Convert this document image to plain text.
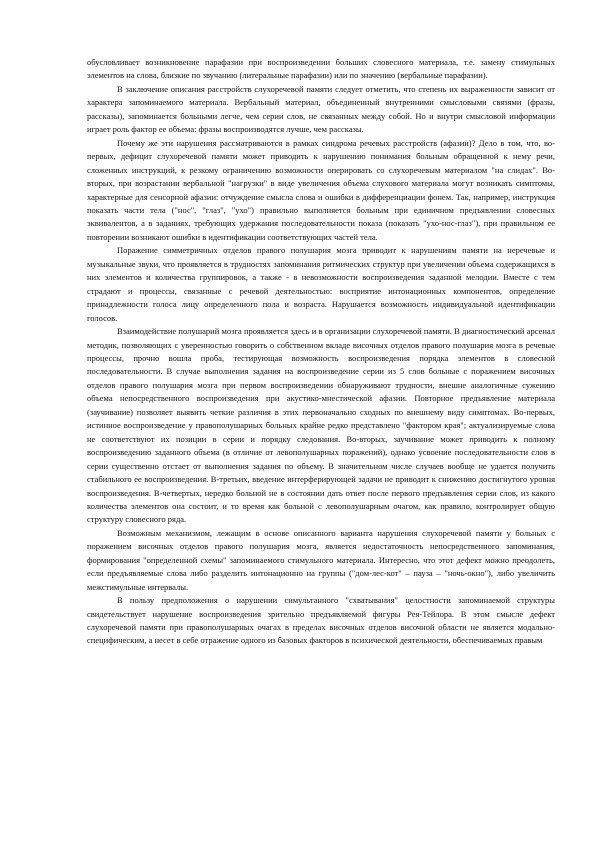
обусловливает возникновение парафазии при воспроизведении больших словесного материала, т.е. замену стимульных элементов на слова, близкие по звучанию (литеральные парафазии) или по значению (вербальные парафазии).

В заключение описания расстройств слухоречевой памяти следует отметить, что степень их выраженности зависит от характера запоминаемого материала. Вербальный материал, объединенный внутренними смысловыми связями (фразы, рассказы), запоминается больными легче, чем серии слов, не связанных между собой. Но и внутри смысловой информации играет роль фактор ее объема: фразы воспроизводятся лучше, чем рассказы.

Почему же эти нарушения рассматриваются в рамках синдрома речевых расстройств (афазии)? Дело в том, что, во-первых, дефицит слухоречевой памяти может приводить к нарушению понимания больным обращенной к нему речи, сложенных инструкций, к резкому ограничению возможности оперировать со слухоречевым материалом "на слидах". Во-вторых, при возрастании вербальной "нагрузки" в виде увеличения объема слухового материала могут возникать симптомы, характерные для сенсорной афазии: отчуждение смысла слова и ошибки в дифференциации фонем. Так, например, инструкция показать части тела ("нос", "глаз", "ухо") правильно выполняется больным при единичном предъявлении словесных эквивалентов, а в заданиях, требующих удержания последовательности показа (показать "ухо-нос-глаз"), при правильном ее повторении возникают ошибки в идентификации соответствующих частей тела.

Поражение симметричных отделов правого полушария мозга приводит к нарушениям памяти на неречевые и музыкальные звуки, что проявляется в трудностях запоминания ритмических структур при увеличении объема содержащихся в них элементов и количества группировок, а также - в невозможности воспроизведения заданной мелодии. Вместе с тем страдают и процессы, связанные с речевой деятельностью: восприятие интонационных компонентов, определение принадлежности голоса лицу определенного пола и возраста. Нарушается возможность индивидуальной идентификации голосов.

Взаимодействие полушарий мозга проявляется здесь и в организации слухоречевой памяти. В диагностический арсенал методик, позволяющих с уверенностью говорить о собственном вкладе височных отделов правого полушария мозга в речевые процессы, прочно вошла проба, тестирующая возможность воспроизведения порядка элементов в словесной последовательности. В случае выполнения задания на воспроизведение серии из 5 слов больные с поражением височных отделов правого полушария мозга при первом воспроизведении обнаруживают трудности, внешне аналогичные сужению объема непосредственного воспроизведения при акустико-мнестической афазии. Повторное предъявление материала (заучивание) позволяет выявить четкие различия в этих первоначально сходных по внешнему виду симптомах. Во-первых, истинное воспроизведение у правополушарных больных крайне редко представлено "фактором края"; актуализируемые слова не соответствуют их позиции в серии и порядку следования. Во-вторых, заучивание может приводить к полному воспроизведению заданного объема (в отличие от левополушарных поражений), однако усвоение последовательности слов в серии существенно отстает от выполнения задания по объему. В значительном числе случаев вообще не удается получить стабильного ее воспроизведения. В-третьих, введение интерферирующей задачи не приводит к снижению достигнутого уровня воспроизведения. В-четвертых, нередко больной не в состоянии дать ответ после первого предъявления серии слов, из какого количества элементов она состоит, и то время как больной с левополушарным очагом, как правило, контролирует общую структуру словесного ряда.

Возможным механизмом, лежащим в основе описанного варианта нарушения слухоречевой памяти у больных с поражением височных отделов правого полушария мозга, является недостаточность непосредственного запоминания, формирования "определенной схемы" запоминаемого стимульного материала. Интересно, что этот дефект можно преодолеть, если предъявляемые слова либо разделить интонационно на группы ("дом-лес-кот" – пауза – "ночь-окно"), либо увеличить межстимульные интервалы.

В пользу предположения о нарушении симультанного "схватывания" целостности запоминаемой структуры свидетельствует нарушение воспроизведения зрительно предъявляемой фигуры Рея-Тейлора. В этом смысле дефект слухоречевой памяти при правополушарных очагах в пределах височных отделов височной области не является модально-специфическим, а несет в себе отражение одного из базовых факторов в психической деятельности, обеспечиваемых правым
